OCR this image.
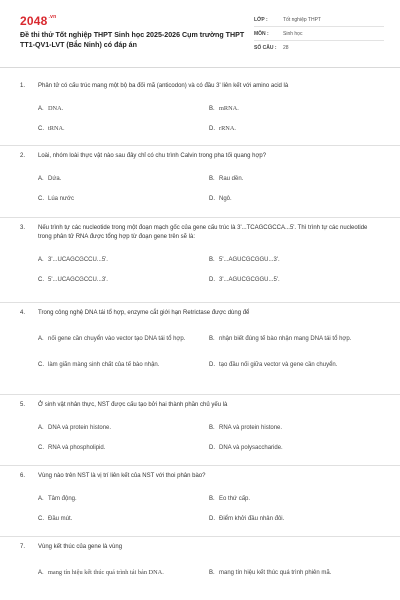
$2048^{.vn}$
Đề thi thử Tốt nghiệp THPT Sinh học 2025-2026 Cụm trường THPT TT1-QV1-LVT (Bắc Ninh) có đáp án
LỚP :	Tốt nghiệp THPT
MÔN :	Sinh học
SỐ CÂU : 28
1.	Phân tử có cấu trúc mang một bộ ba đối mã (anticodon) và có đầu 3' liên kết với amino acid là
A. DNA.	B. mRNA.
C. tRNA.	D. rRNA.
2.	Loài, nhóm loài thực vật nào sau đây chỉ có chu trình Calvin trong pha tối quang hợp?
A. Dứa.	B. Rau dền.
C. Lúa nước	D. Ngô.
3.	Nếu trình tự các nucleotide trong một đoạn mạch gốc của gene cấu trúc là 3'...TCAGCGCCA...5'. Thì trình tự các nucleotide trong phân tử RNA được tổng hợp từ đoạn gene trên sẽ là:
A. 3'...UCAGCGCCU...5'.	B. 5'...AGUCGCGGU...3'.
C. 5'...UCAGCGCCU...3'.	D. 3'...AGUCGCGGU...5'.
4.	Trong công nghệ DNA tái tổ hợp, enzyme cắt giới hạn Retrictase được dùng để
A. nối gene cần chuyển vào vector tạo DNA tái tổ hợp.	B. nhận biết đúng tế bào nhận mang DNA tái tổ hợp.
C. làm giãn màng sinh chất của tế bào nhận.	D. tạo đầu nối giữa vector và gene cần chuyển.
5.	Ở sinh vật nhân thực, NST được cấu tạo bởi hai thành phần chủ yếu là
A. DNA và protein histone.	B. RNA và protein histone.
C. RNA và phospholipid.	D. DNA và polysaccharide.
6.	Vùng nào trên NST là vị trí liên kết của NST với thoi phân bào?
A. Tâm động.	B. Eo thứ cấp.
C. Đầu mút.	D. Điểm khởi đầu nhân đôi.
7.	Vùng kết thúc của gene là vùng
A. mang tín hiệu kết thúc quá trình tái bản DNA.	B. mang tín hiệu kết thúc quá trình phiên mã.
